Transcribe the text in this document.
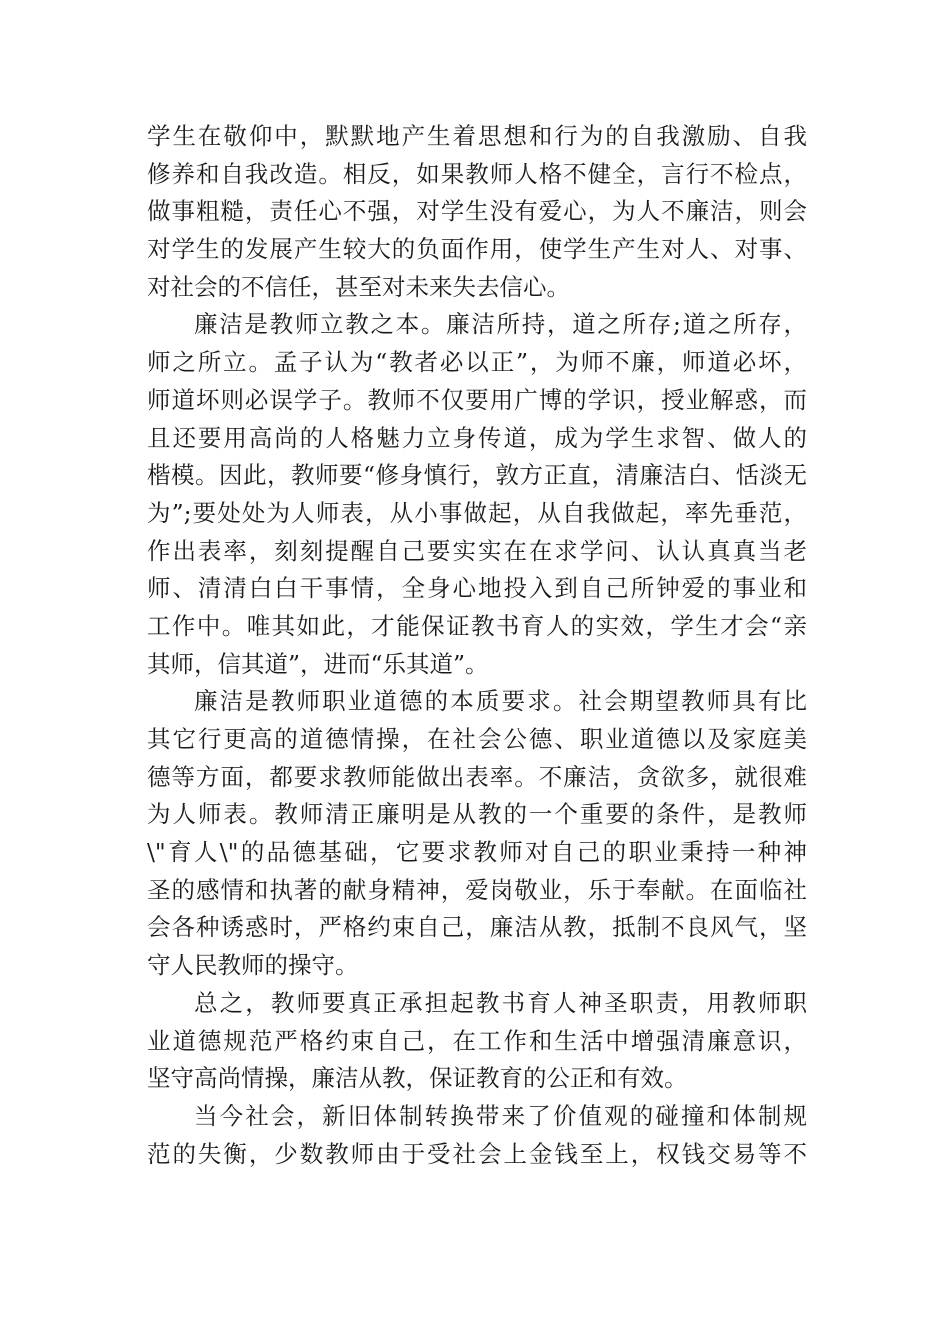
学生在敬仰中，默默地产生着思想和行为的自我激励、自我
修养和自我改造。相反，如果教师人格不健全，言行不检点，
做事粗糙，责任心不强，对学生没有爱心，为人不廉洁，则会
对学生的发展产生较大的负面作用，使学生产生对人、对事、
对社会的不信任，甚至对未来失去信心。
廉洁是教师立教之本。廉洁所持，道之所存;道之所存，
师之所立。孟子认为“教者必以正”，为师不廉，师道必坏，
师道坏则必误学子。教师不仅要用广博的学识，授业解惑，而
且还要用高尚的人格魅力立身传道，成为学生求智、做人的
楷模。因此，教师要“修身慎行，敦方正直，清廉洁白、恬淡无
为”;要处处为人师表，从小事做起，从自我做起，率先垂范，
作出表率，刻刻提醒自己要实实在在求学问、认认真真当老
师、清清白白干事情，全身心地投入到自己所钟爱的事业和
工作中。唯其如此，才能保证教书育人的实效，学生才会“亲
其师，信其道”，进而“乐其道”。
廉洁是教师职业道德的本质要求。社会期望教师具有比
其它行更高的道德情操，在社会公德、职业道德以及家庭美
德等方面，都要求教师能做出表率。不廉洁，贪欲多，就很难
为人师表。教师清正廉明是从教的一个重要的条件，是教师
\"育人\"的品德基础，它要求教师对自己的职业秉持一种神
圣的感情和执著的献身精神，爱岗敬业，乐于奉献。在面临社
会各种诱惑时，严格约束自己，廉洁从教，抵制不良风气，坚
守人民教师的操守。
总之，教师要真正承担起教书育人神圣职责，用教师职
业道德规范严格约束自己，在工作和生活中增强清廉意识，
坚守高尚情操，廉洁从教，保证教育的公正和有效。
当今社会，新旧体制转换带来了价值观的碰撞和体制规
范的失衡，少数教师由于受社会上金钱至上，权钱交易等不
